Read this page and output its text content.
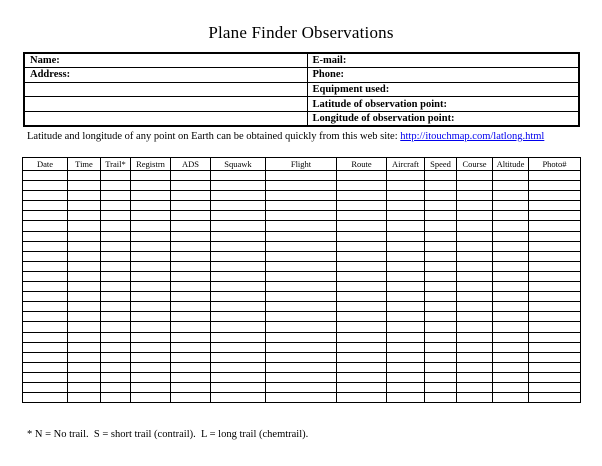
Plane Finder Observations
Name:	E-mail:
Address:	Phone:
	Equipment used:
	Latitude of observation point:
	Longitude of observation point:
Latitude and longitude of any point on Earth can be obtained quickly from this web site: http://itouchmap.com/latlong.html
Date	Time	Trail*	Registrn	ADS	Squawk	Flight	Route	Aircraft	Speed	Course	Altitude	Photo#

* N = No trail.  S = short trail (contrail).  L = long trail (chemtrail).
